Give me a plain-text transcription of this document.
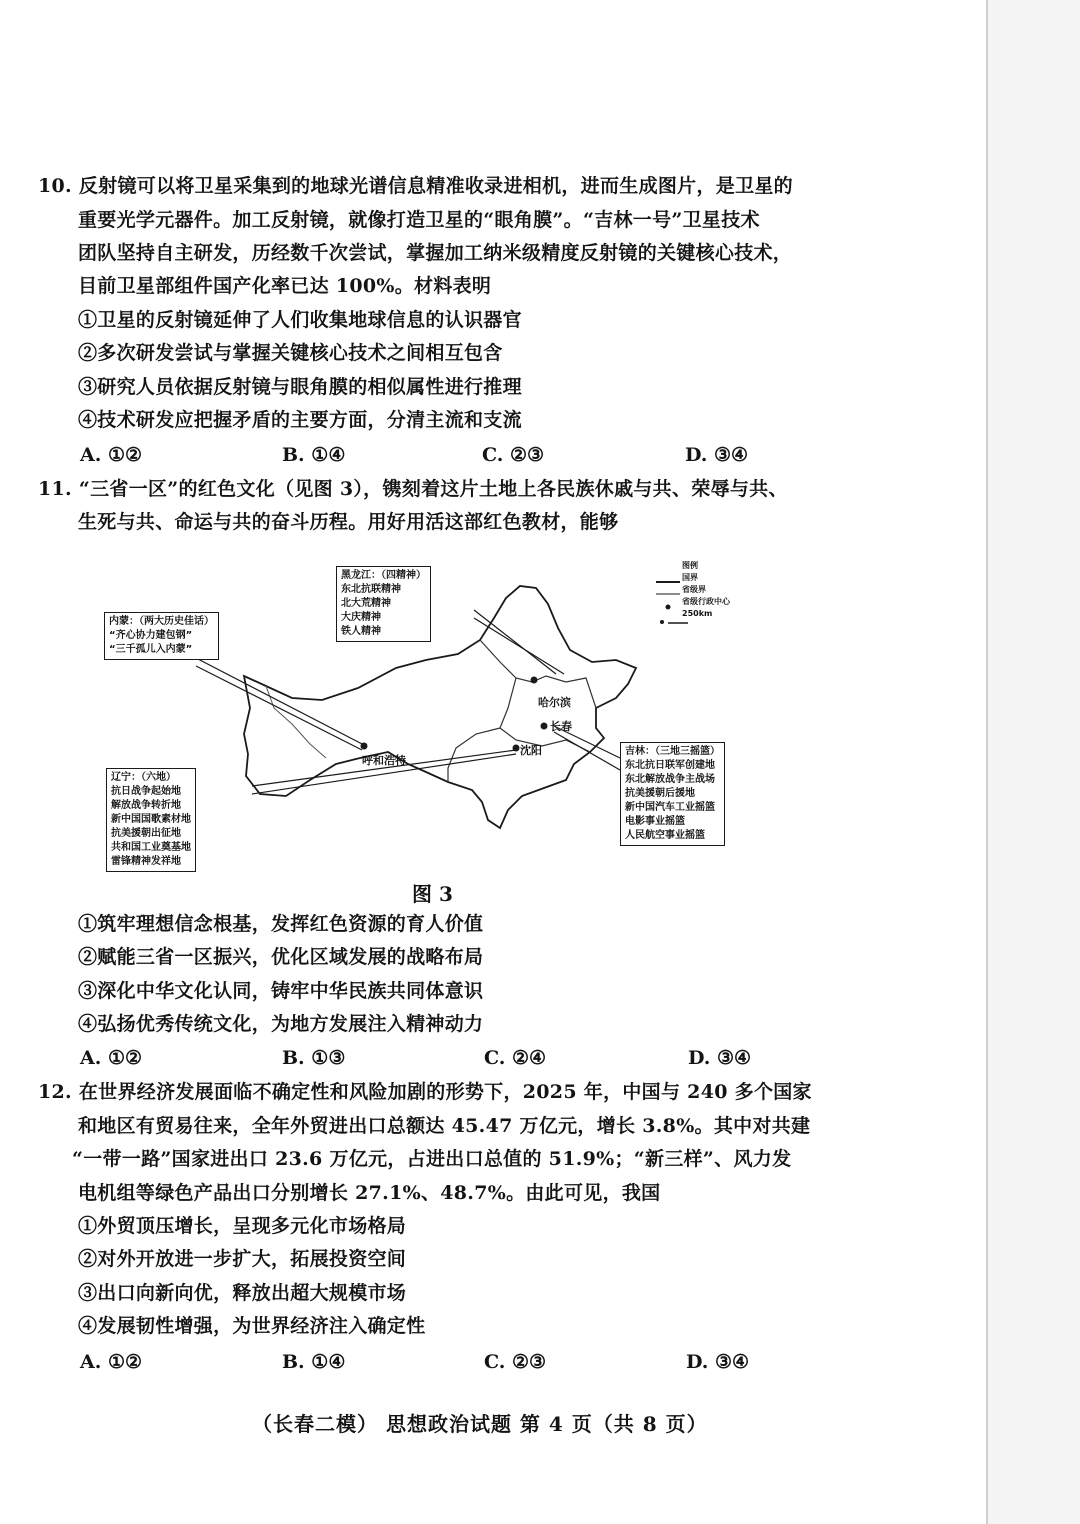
10. 反射镜可以将卫星采集到的地球光谱信息精准收录进相机，进而生成图片，是卫星的
重要光学元器件。加工反射镜，就像打造卫星的“眼角膜”。“吉林一号”卫星技术
团队坚持自主研发，历经数千次尝试，掌握加工纳米级精度反射镜的关键核心技术，
目前卫星部组件国产化率已达 100%。材料表明
①卫星的反射镜延伸了人们收集地球信息的认识器官
②多次研发尝试与掌握关键核心技术之间相互包含
③研究人员依据反射镜与眼角膜的相似属性进行推理
④技术研发应把握矛盾的主要方面，分清主流和支流
A. ①②	B. ①④	C. ②③	D. ③④
11. “三省一区”的红色文化（见图 3），镌刻着这片土地上各民族休戚与共、荣辱与共、
生死与共、命运与共的奋斗历程。用好用活这部红色教材，能够
黑龙江：（四精神）
东北抗联精神
北大荒精神
大庆精神
铁人精神
内蒙：（两大历史佳话）
“齐心协力建包钢”
“三千孤儿入内蒙”
辽宁：（六地）
抗日战争起始地
解放战争转折地
新中国国歌素材地
抗美援朝出征地
共和国工业奠基地
雷锋精神发祥地
吉林：（三地三摇篮）
东北抗日联军创建地
东北解放战争主战场
抗美援朝后援地
新中国汽车工业摇篮
电影事业摇篮
人民航空事业摇篮
哈尔滨
长春
呼和浩特
沈阳
图例
国界
省级界
省级行政中心
250km
图 3
①筑牢理想信念根基，发挥红色资源的育人价值
②赋能三省一区振兴，优化区域发展的战略布局
③深化中华文化认同，铸牢中华民族共同体意识
④弘扬优秀传统文化，为地方发展注入精神动力
A. ①②	B. ①③	C. ②④	D. ③④
12. 在世界经济发展面临不确定性和风险加剧的形势下，2025 年，中国与 240 多个国家
和地区有贸易往来，全年外贸进出口总额达 45.47 万亿元，增长 3.8%。其中对共建
“一带一路”国家进出口 23.6 万亿元，占进出口总值的 51.9%；“新三样”、风力发
电机组等绿色产品出口分别增长 27.1%、48.7%。由此可见，我国
①外贸顶压增长，呈现多元化市场格局
②对外开放进一步扩大，拓展投资空间
③出口向新向优，释放出超大规模市场
④发展韧性增强，为世界经济注入确定性
A. ①②	B. ①④	C. ②③	D. ③④
（长春二模） 思想政治试题 第 4 页（共 8 页）
